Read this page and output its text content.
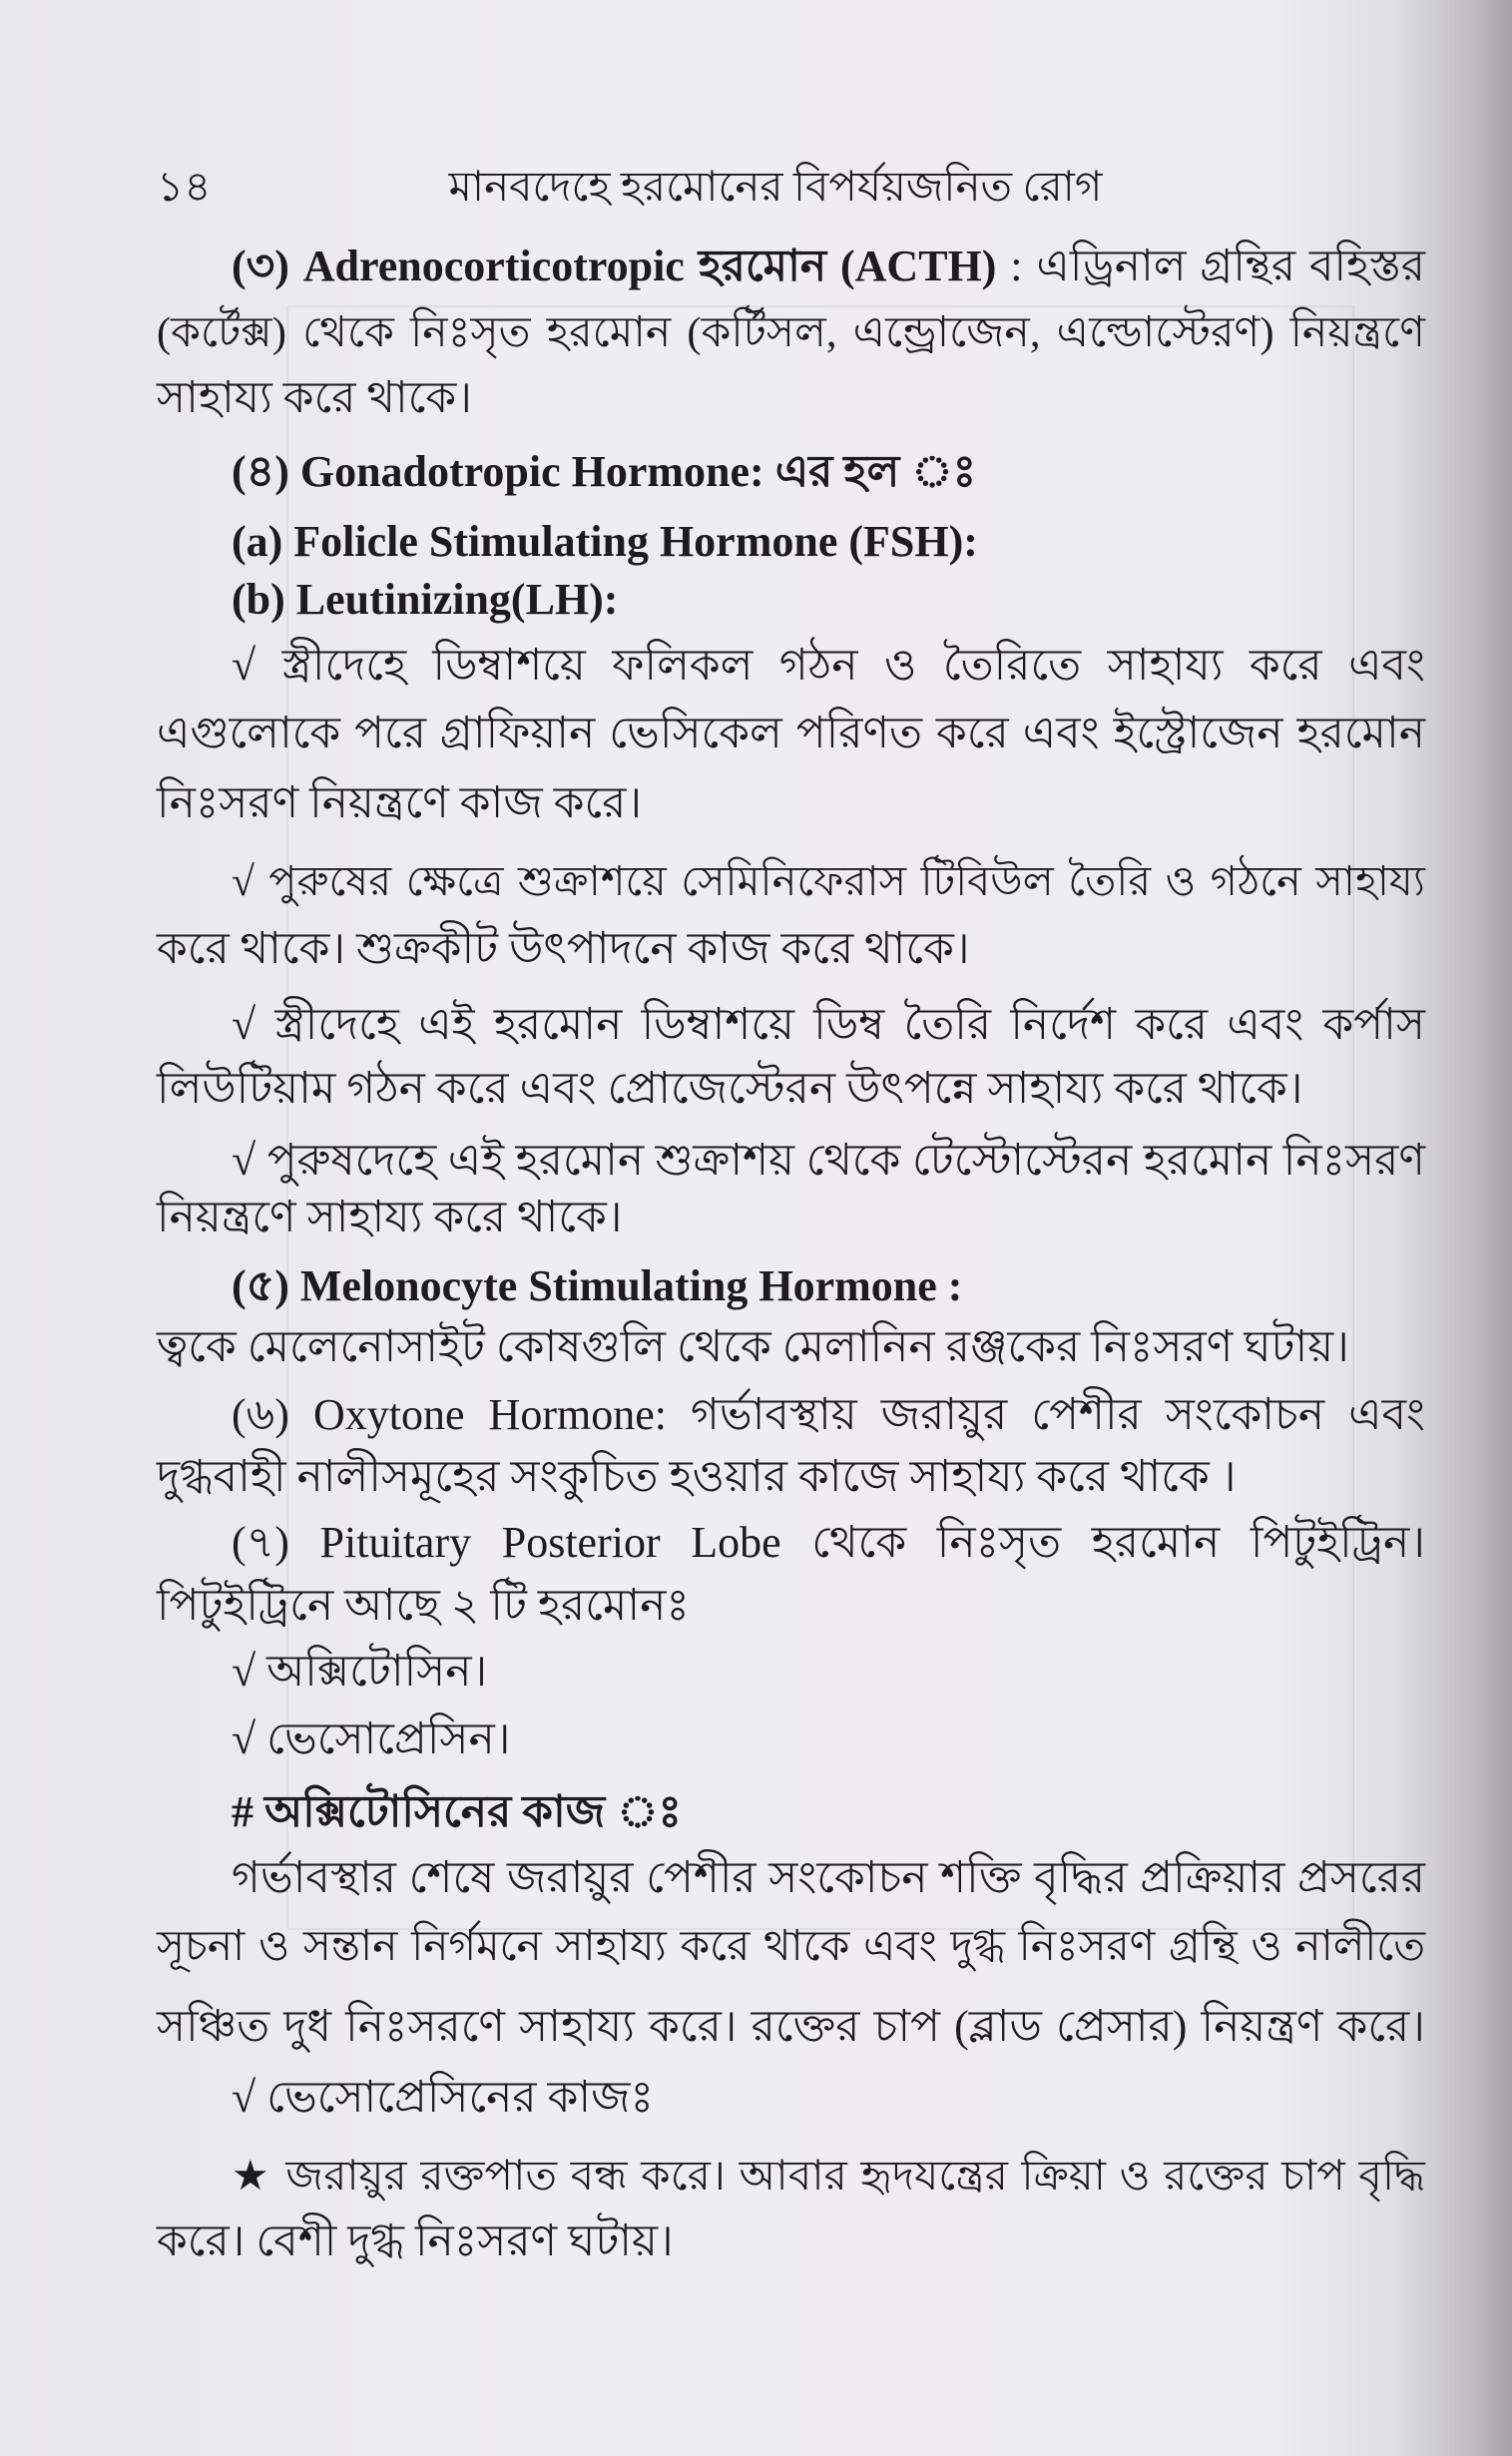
১৪	মানবদেহে হরমোনের বিপর্যয়জনিত রোগ
(৩) Adrenocorticotropic হরমোন (ACTH) : এড্রিনাল গ্রন্থির বহিস্তর
(কর্টেক্স) থেকে নিঃসৃত হরমোন (কর্টিসল, এন্ড্রোজেন, এল্ডোস্টেরণ) নিয়ন্ত্রণে
সাহায্য করে থাকে।
(৪) Gonadotropic Hormone: এর হল ঃ
(a) Folicle Stimulating Hormone (FSH):
(b) Leutinizing(LH):
√ স্ত্রীদেহে ডিম্বাশয়ে ফলিকল গঠন ও তৈরিতে সাহায্য করে এবং
এগুলোকে পরে গ্রাফিয়ান ভেসিকেল পরিণত করে এবং ইস্ট্রোজেন হরমোন
নিঃসরণ নিয়ন্ত্রণে কাজ করে।
√ পুরুষের ক্ষেত্রে শুক্রাশয়ে সেমিনিফেরাস টিবিউল তৈরি ও গঠনে সাহায্য
করে থাকে। শুক্রকীট উৎপাদনে কাজ করে থাকে।
√ স্ত্রীদেহে এই হরমোন ডিম্বাশয়ে ডিম্ব তৈরি নির্দেশ করে এবং কর্পাস
লিউটিয়াম গঠন করে এবং প্রোজেস্টেরন উৎপন্নে সাহায্য করে থাকে।
√ পুরুষদেহে এই হরমোন শুক্রাশয় থেকে টেস্টোস্টেরন হরমোন নিঃসরণ
নিয়ন্ত্রণে সাহায্য করে থাকে।
(৫) Melonocyte Stimulating Hormone :
ত্বকে মেলেনোসাইট কোষগুলি থেকে মেলানিন রঞ্জকের নিঃসরণ ঘটায়।
(৬) Oxytone Hormone: গর্ভাবস্থায় জরায়ুর পেশীর সংকোচন এবং
দুগ্ধবাহী নালীসমূহের সংকুচিত হওয়ার কাজে সাহায্য করে থাকে ।
(৭) Pituitary Posterior Lobe থেকে নিঃসৃত হরমোন পিটুইট্রিন।
পিটুইট্রিনে আছে ২ টি হরমোনঃ
√ অক্সিটোসিন।
√ ভেসোপ্রেসিন।
# অক্সিটোসিনের কাজ ঃ
গর্ভাবস্থার শেষে জরায়ুর পেশীর সংকোচন শক্তি বৃদ্ধির প্রক্রিয়ার প্রসরের
সূচনা ও সন্তান নির্গমনে সাহায্য করে থাকে এবং দুগ্ধ নিঃসরণ গ্রন্থি ও নালীতে
সঞ্চিত দুধ নিঃসরণে সাহায্য করে। রক্তের চাপ (ব্লাড প্রেসার) নিয়ন্ত্রণ করে।
√ ভেসোপ্রেসিনের কাজঃ
★ জরায়ুর রক্তপাত বন্ধ করে। আবার হৃদযন্ত্রের ক্রিয়া ও রক্তের চাপ বৃদ্ধি
করে। বেশী দুগ্ধ নিঃসরণ ঘটায়।
